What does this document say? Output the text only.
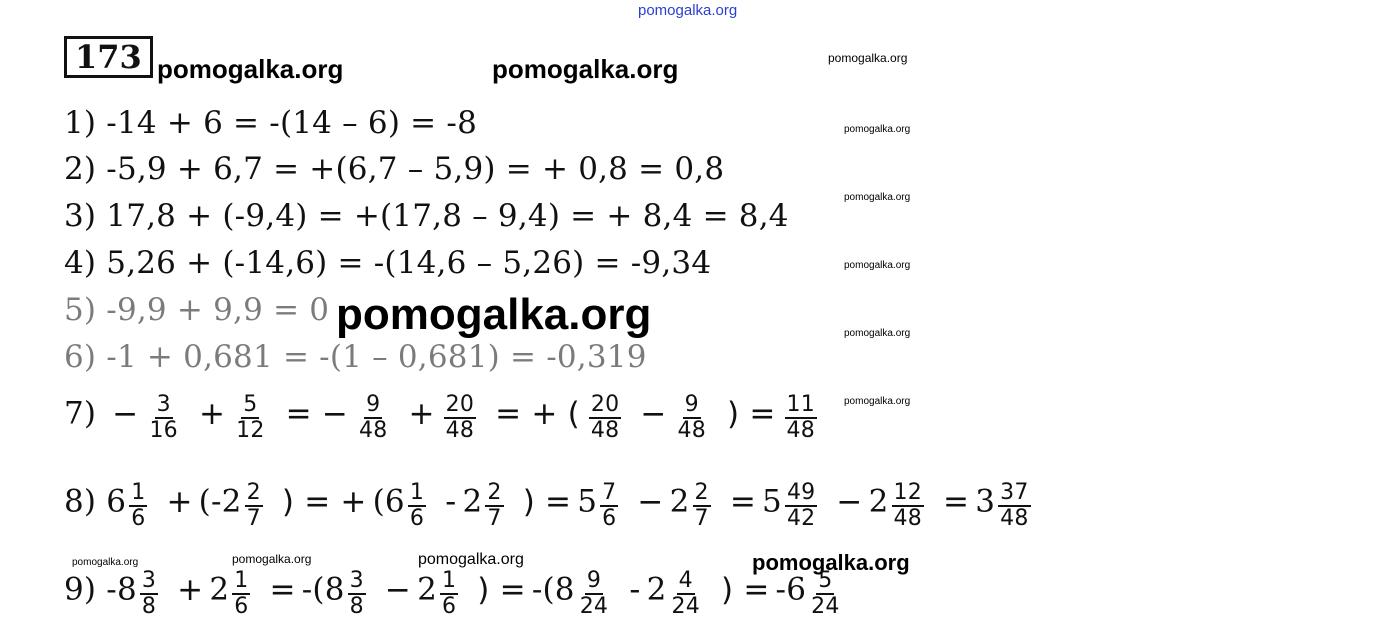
pomogalka.org
173 pomogalka.org	pomogalka.org	pomogalka.org
pomogalka.org
pomogalka.org
pomogalka.org
pomogalka.org
pomogalka.org
1) -14 + 6 = -(14 – 6) = -8
2) -5,9 + 6,7 = +(6,7 – 5,9) = + 0,8 = 0,8
3) 17,8 + (-9,4) = +(17,8 – 9,4) = + 8,4 = 8,4
4) 5,26 + (-14,6) = -(14,6 – 5,26) = -9,34
5) -9,9 + 9,9 = 0
6) -1 + 0,681 = -(1 – 0,681) = -0,319
pomogalka.org
$7) - \frac{3}{16} + \frac{5}{12}$ = − $\frac{9}{48} + \frac{20}{48}$ = + ( $\frac{20}{48} - \frac{9}{48}$ ) = $\frac{11}{48}$
8) $6 \frac{1}{6} + (-2 \frac{2}{7}$ ) = + ($6 \frac{1}{6} - 2 \frac{2}{7}$ ) = $5 \frac{7}{6} - 2 \frac{2}{7} = 5 \frac{49}{42} - 2 \frac{12}{48} = 3 \frac{37}{48}$
pomogalka.org	pomogalka.org	pomogalka.org	pomogalka.org
9) $-8 \frac{3}{8} + 2 \frac{1}{6} = -(8 \frac{3}{8} - 2 \frac{1}{6}$ ) = $-(8 \frac{9}{24} - 2 \frac{4}{24}$ ) = $-6 \frac{5}{24}$
